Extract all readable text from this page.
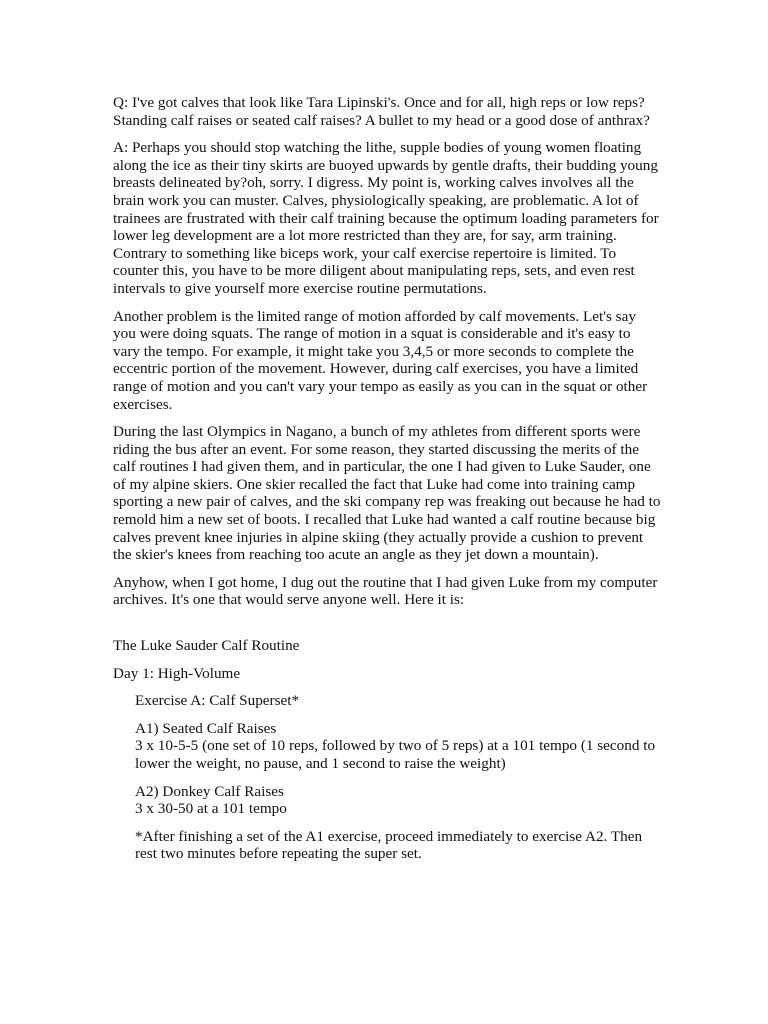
Q: I've got calves that look like Tara Lipinski's. Once and for all, high reps or low reps? Standing calf raises or seated calf raises? A bullet to my head or a good dose of anthrax?

A: Perhaps you should stop watching the lithe, supple bodies of young women floating along the ice as their tiny skirts are buoyed upwards by gentle drafts, their budding young breasts delineated by?oh, sorry. I digress. My point is, working calves involves all the brain work you can muster. Calves, physiologically speaking, are problematic. A lot of trainees are frustrated with their calf training because the optimum loading parameters for lower leg development are a lot more restricted than they are, for say, arm training. Contrary to something like biceps work, your calf exercise repertoire is limited. To counter this, you have to be more diligent about manipulating reps, sets, and even rest intervals to give yourself more exercise routine permutations.

Another problem is the limited range of motion afforded by calf movements. Let's say you were doing squats. The range of motion in a squat is considerable and it's easy to vary the tempo. For example, it might take you 3,4,5 or more seconds to complete the eccentric portion of the movement. However, during calf exercises, you have a limited range of motion and you can't vary your tempo as easily as you can in the squat or other exercises.

During the last Olympics in Nagano, a bunch of my athletes from different sports were riding the bus after an event. For some reason, they started discussing the merits of the calf routines I had given them, and in particular, the one I had given to Luke Sauder, one of my alpine skiers. One skier recalled the fact that Luke had come into training camp sporting a new pair of calves, and the ski company rep was freaking out because he had to remold him a new set of boots. I recalled that Luke had wanted a calf routine because big calves prevent knee injuries in alpine skiing (they actually provide a cushion to prevent the skier's knees from reaching too acute an angle as they jet down a mountain).

Anyhow, when I got home, I dug out the routine that I had given Luke from my computer archives. It's one that would serve anyone well. Here it is:

The Luke Sauder Calf Routine

Day 1: High-Volume

Exercise A: Calf Superset*

A1) Seated Calf Raises
3 x 10-5-5 (one set of 10 reps, followed by two of 5 reps) at a 101 tempo (1 second to lower the weight, no pause, and 1 second to raise the weight)

A2) Donkey Calf Raises
3 x 30-50 at a 101 tempo

*After finishing a set of the A1 exercise, proceed immediately to exercise A2. Then rest two minutes before repeating the super set.
